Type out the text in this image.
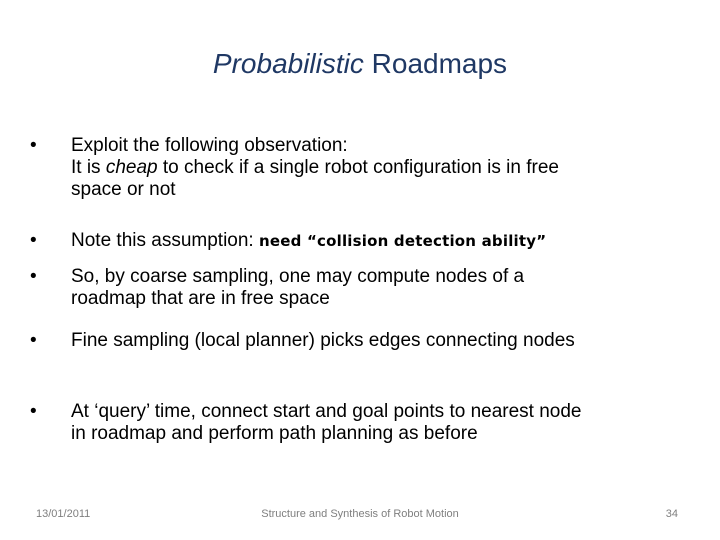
Probabilistic Roadmaps
•	Exploit the following observation:
It is cheap to check if a single robot configuration is in free
space or not
•	Note this assumption: need “collision detection ability”
•	So, by coarse sampling, one may compute nodes of a
roadmap that are in free space
•	Fine sampling (local planner) picks edges connecting nodes
•	At ‘query’ time, connect start and goal points to nearest node
in roadmap and perform path planning as before
13/01/2011	Structure and Synthesis of Robot Motion	34
